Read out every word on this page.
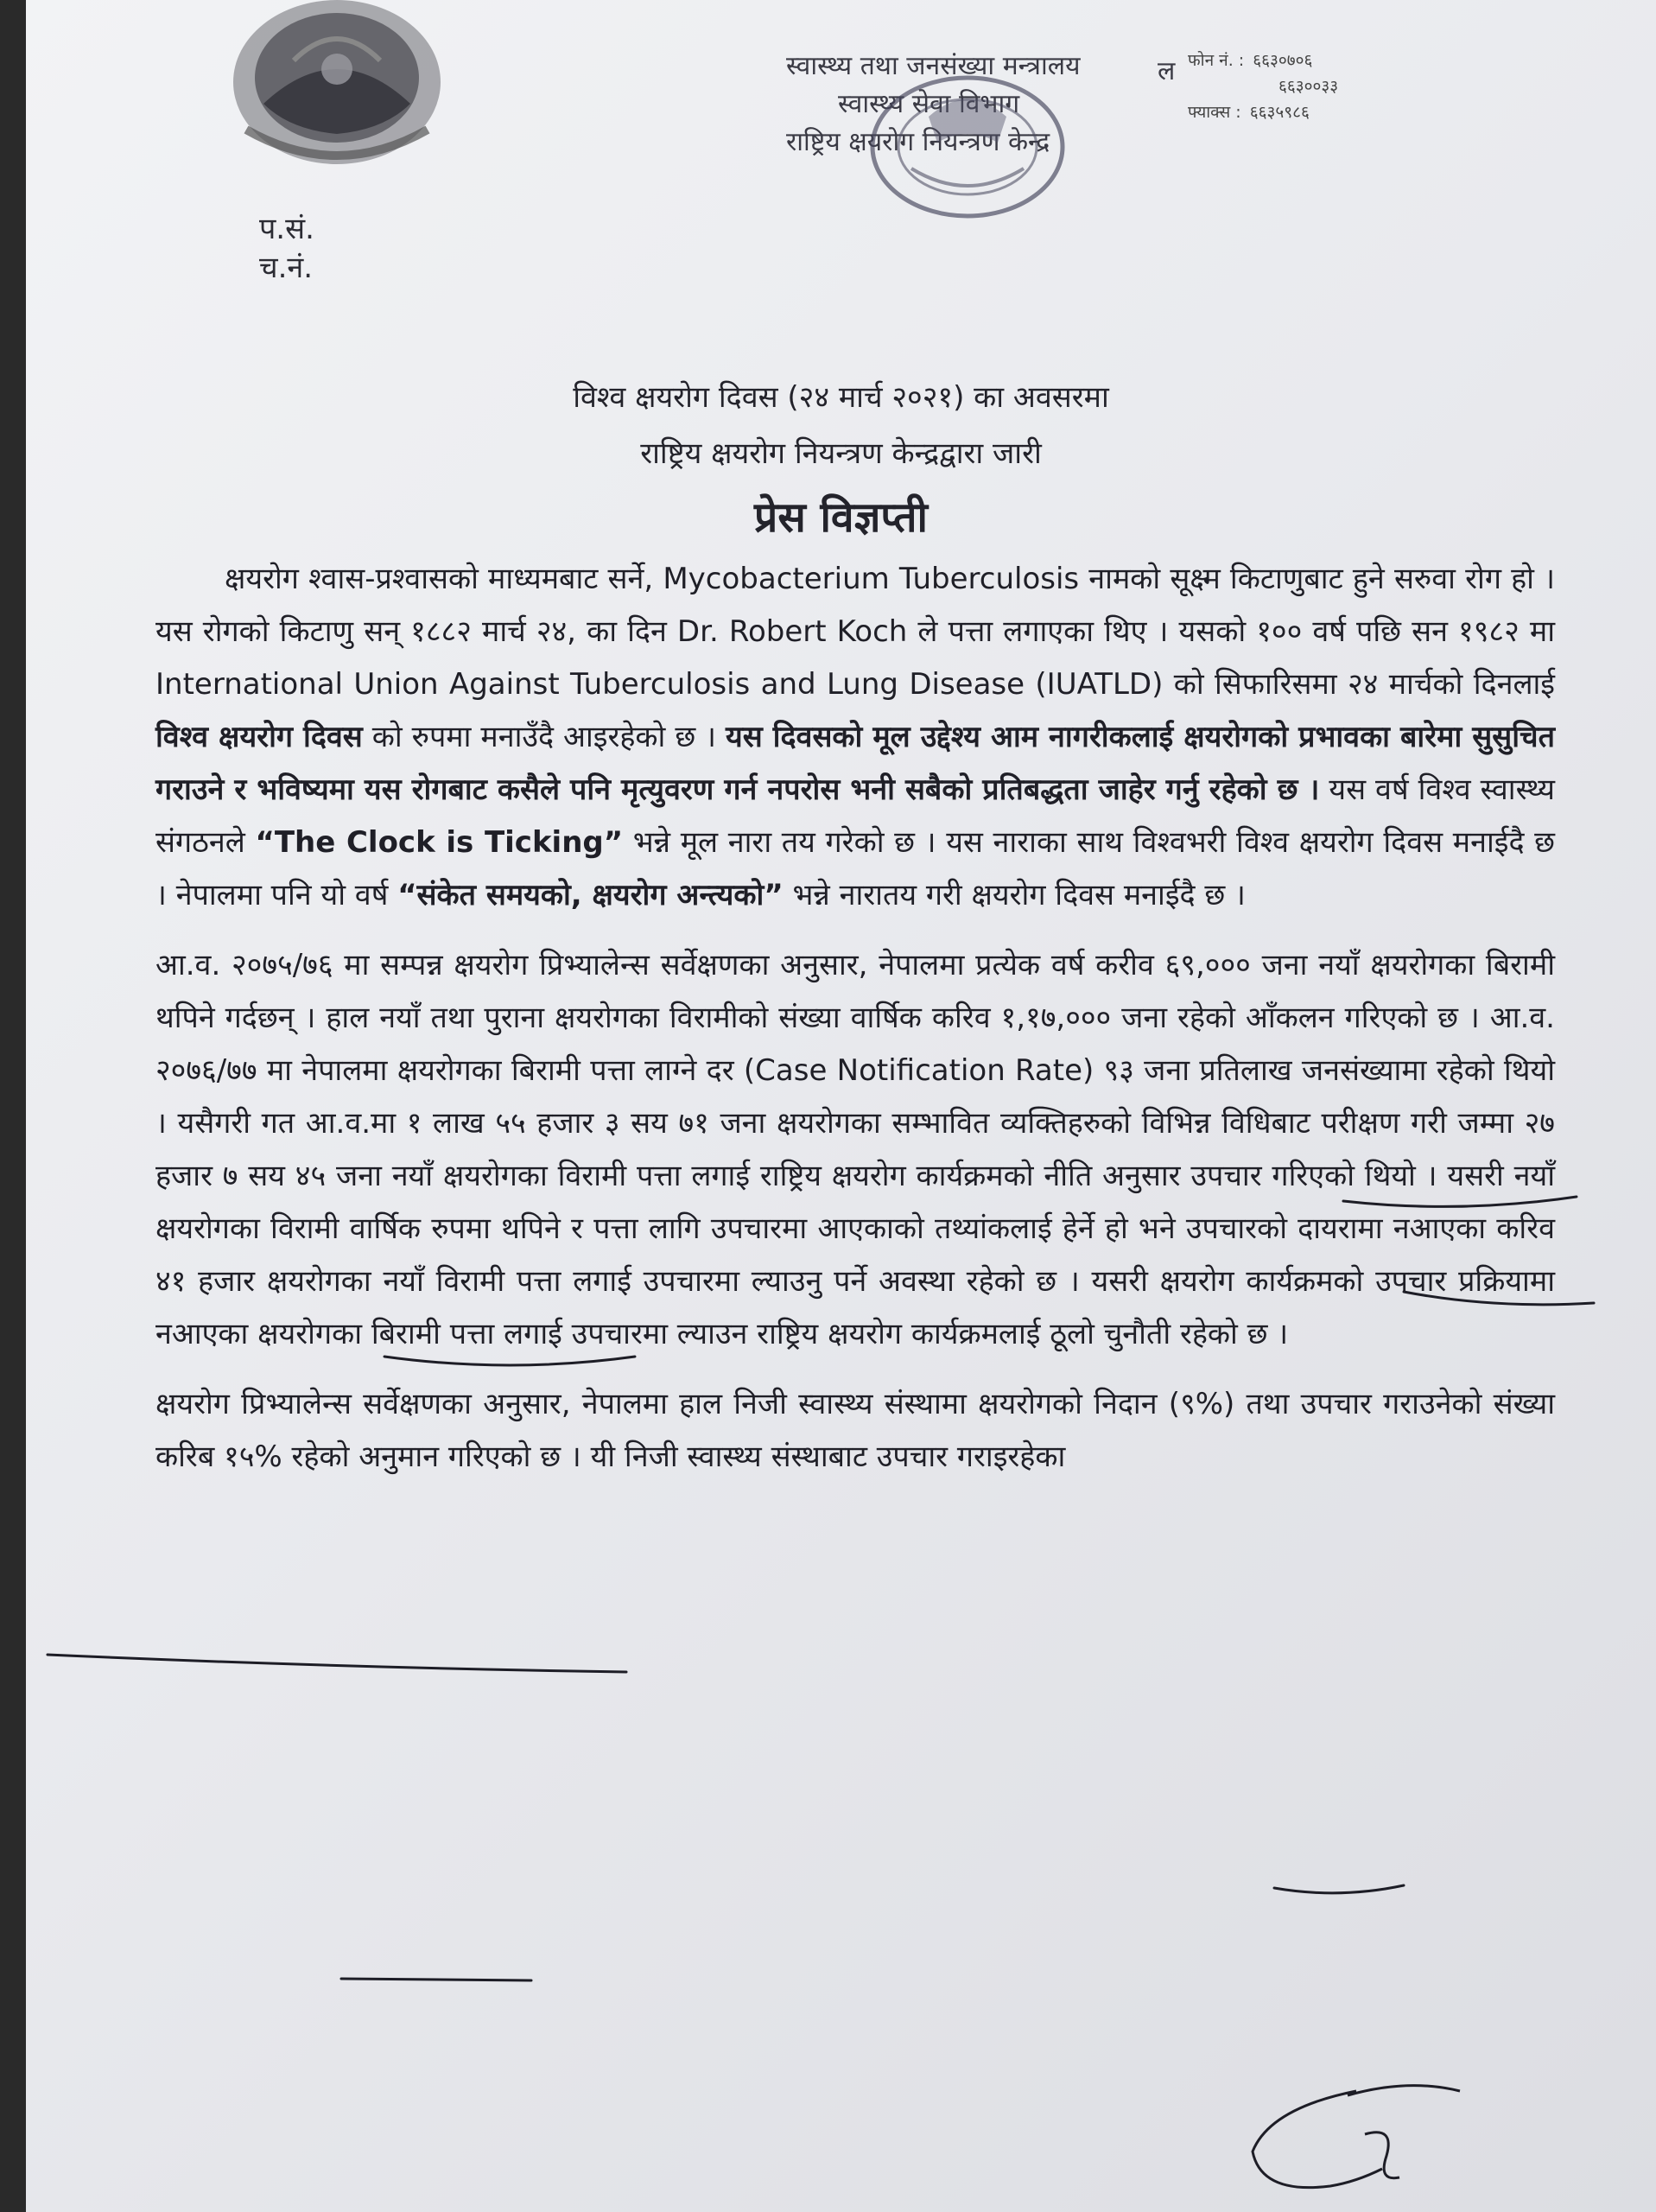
प.सं.
च.नं.
स्वास्थ्य तथा जनसंख्या मन्त्रालय
स्वास्थ्य सेवा विभाग
राष्ट्रिय क्षयरोग नियन्त्रण केन्द्र
ल फोन नं. : ६६३०७०६
६६३००३३
फ्याक्स : ६६३५९८६
विश्व क्षयरोग दिवस (२४ मार्च २०२१) का अवसरमा
राष्ट्रिय क्षयरोग नियन्त्रण केन्द्रद्वारा जारी
प्रेस विज्ञप्ती

क्षयरोग श्वास-प्रश्वासको माध्यमबाट सर्ने, Mycobacterium Tuberculosis नामको सूक्ष्म किटाणुबाट हुने सरुवा रोग हो । यस रोगको किटाणु सन् १८८२ मार्च २४, का दिन Dr. Robert Koch ले पत्ता लगाएका थिए । यसको १०० वर्ष पछि सन १९८२ मा International Union Against Tuberculosis and Lung Disease (IUATLD) को सिफारिसमा २४ मार्चको दिनलाई विश्व क्षयरोग दिवस को रुपमा मनाउँदै आइरहेको छ । यस दिवसको मूल उद्देश्य आम नागरीकलाई क्षयरोगको प्रभावका बारेमा सुसुचित गराउने र भविष्यमा यस रोगबाट कसैले पनि मृत्युवरण गर्न नपरोस भनी सबैको प्रतिबद्धता जाहेर गर्नु रहेको छ । यस वर्ष विश्व स्वास्थ्य संगठनले “The Clock is Ticking” भन्ने मूल नारा तय गरेको छ । यस नाराका साथ विश्वभरी विश्व क्षयरोग दिवस मनाईदै छ । नेपालमा पनि यो वर्ष “संकेत समयको, क्षयरोग अन्त्यको” भन्ने नारातय गरी क्षयरोग दिवस मनाईदै छ ।

आ.व. २०७५/७६ मा सम्पन्न क्षयरोग प्रिभ्यालेन्स सर्वेक्षणका अनुसार, नेपालमा प्रत्येक वर्ष करीव ६९,००० जना नयाँ क्षयरोगका बिरामी थपिने गर्दछन् । हाल नयाँ तथा पुराना क्षयरोगका विरामीको संख्या वार्षिक करिव १,१७,००० जना रहेको आँकलन गरिएको छ । आ.व. २०७६/७७ मा नेपालमा क्षयरोगका बिरामी पत्ता लाग्ने दर (Case Notification Rate) ९३ जना प्रतिलाख जनसंख्यामा रहेको थियो । यसैगरी गत आ.व.मा १ लाख ५५ हजार ३ सय ७१ जना क्षयरोगका सम्भावित व्यक्तिहरुको विभिन्न विधिबाट परीक्षण गरी जम्मा २७ हजार ७ सय ४५ जना नयाँ क्षयरोगका विरामी पत्ता लगाई राष्ट्रिय क्षयरोग कार्यक्रमको नीति अनुसार उपचार गरिएको थियो । यसरी नयाँ क्षयरोगका विरामी वार्षिक रुपमा थपिने र पत्ता लागि उपचारमा आएकाको तथ्यांकलाई हेर्ने हो भने उपचारको दायरामा नआएका करिव ४१ हजार क्षयरोगका नयाँ विरामी पत्ता लगाई उपचारमा ल्याउनु पर्ने अवस्था रहेको छ । यसरी क्षयरोग कार्यक्रमको उपचार प्रक्रियामा नआएका क्षयरोगका बिरामी पत्ता लगाई उपचारमा ल्याउन राष्ट्रिय क्षयरोग कार्यक्रमलाई ठूलो चुनौती रहेको छ ।

क्षयरोग प्रिभ्यालेन्स सर्वेक्षणका अनुसार, नेपालमा हाल निजी स्वास्थ्य संस्थामा क्षयरोगको निदान (९%) तथा उपचार गराउनेको संख्या करिब १५% रहेको अनुमान गरिएको छ । यी निजी स्वास्थ्य संस्थाबाट उपचार गराइरहेका
